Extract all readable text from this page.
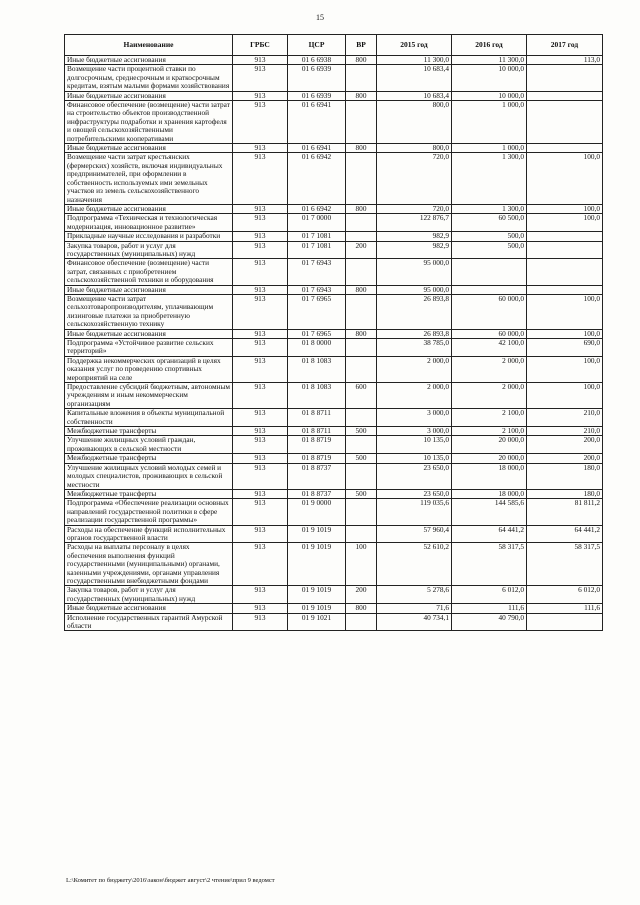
15
Наименование	ГРБС	ЦСР	ВР	2015 год	2016 год	2017 год
Иные бюджетные ассигнования	913	01 6 6938	800	11 300,0	11 300,0	113,0
Возмещение части процентной ставки по долгосрочным, среднесрочным и краткосрочным кредитам, взятым малыми формами хозяйствования	913	01 6 6939		10 683,4	10 000,0	
Иные бюджетные ассигнования	913	01 6 6939	800	10 683,4	10 000,0	
Финансовое обеспечение (возмещение) части затрат на строительство объектов производственной инфраструктуры подработки и хранения картофеля и овощей сельскохозяйственными потребительскими кооперативами	913	01 6 6941		800,0	1 000,0	
Иные бюджетные ассигнования	913	01 6 6941	800	800,0	1 000,0	
Возмещение части затрат крестьянских (фермерских) хозяйств, включая индивидуальных предпринимателей, при оформлении в собственность используемых ими земельных участков из земель сельскохозяйственного назначения	913	01 6 6942		720,0	1 300,0	100,0
Иные бюджетные ассигнования	913	01 6 6942	800	720,0	1 300,0	100,0
Подпрограмма «Техническая и технологическая модернизация, инновационное развитие»	913	01 7 0000		122 876,7	60 500,0	100,0
Прикладные научные исследования и разработки	913	01 7 1081		982,9	500,0	
Закупка товаров, работ и услуг для государственных (муниципальных) нужд	913	01 7 1081	200	982,9	500,0	
Финансовое обеспечение (возмещение) части затрат, связанных с приобретением сельскохозяйственной техники и оборудования	913	01 7 6943		95 000,0		
Иные бюджетные ассигнования	913	01 7 6943	800	95 000,0		
Возмещение части затрат сельхозтоваропроизводителям, уплачивающим лизинговые платежи за приобретенную сельскохозяйственную технику	913	01 7 6965		26 893,8	60 000,0	100,0
Иные бюджетные ассигнования	913	01 7 6965	800	26 893,8	60 000,0	100,0
Подпрограмма «Устойчивое развитие сельских территорий»	913	01 8 0000		38 785,0	42 100,0	690,0
Поддержка некоммерческих организаций в целях оказания услуг по проведению спортивных мероприятий на селе	913	01 8 1083		2 000,0	2 000,0	100,0
Предоставление субсидий бюджетным, автономным учреждениям и иным некоммерческим организациям	913	01 8 1083	600	2 000,0	2 000,0	100,0
Капитальные вложения в объекты муниципальной собственности	913	01 8 8711		3 000,0	2 100,0	210,0
Межбюджетные трансферты	913	01 8 8711	500	3 000,0	2 100,0	210,0
Улучшение жилищных условий граждан, проживающих в сельской местности	913	01 8 8719		10 135,0	20 000,0	200,0
Межбюджетные трансферты	913	01 8 8719	500	10 135,0	20 000,0	200,0
Улучшение жилищных условий молодых семей и молодых специалистов, проживающих в сельской местности	913	01 8 8737		23 650,0	18 000,0	180,0
Межбюджетные трансферты	913	01 8 8737	500	23 650,0	18 000,0	180,0
Подпрограмма «Обеспечение реализации основных направлений государственной политики в сфере реализации государственной программы»	913	01 9 0000		119 035,6	144 585,6	81 811,2
Расходы на обеспечение функций исполнительных органов государственной власти	913	01 9 1019		57 960,4	64 441,2	64 441,2
Расходы на выплаты персоналу в целях обеспечения выполнения функций государственными (муниципальными) органами, казенными учреждениями, органами управления государственными внебюджетными фондами	913	01 9 1019	100	52 610,2	58 317,5	58 317,5
Закупка товаров, работ и услуг для государственных (муниципальных) нужд	913	01 9 1019	200	5 278,6	6 012,0	6 012,0
Иные бюджетные ассигнования	913	01 9 1019	800	71,6	111,6	111,6
Исполнение государственных гарантий Амурской области	913	01 9 1021		40 734,1	40 790,0	
L:\Комитет по бюджету\2016\закон\бюджет август\2 чтение\прил 9 ведомст
